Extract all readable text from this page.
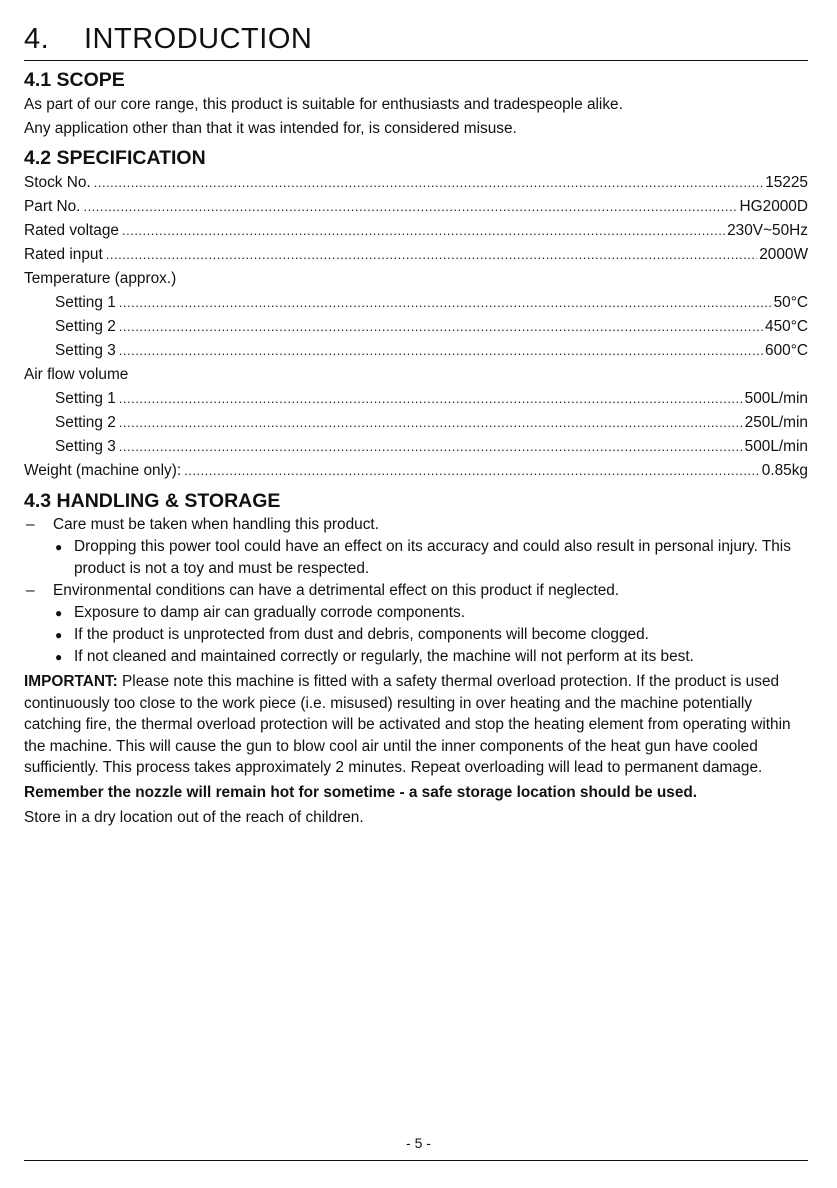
4. INTRODUCTION
4.1 SCOPE

As part of our core range, this product is suitable for enthusiasts and tradespeople alike.

Any application other than that it was intended for, is considered misuse.

4.2 SPECIFICATION
Stock No. .....	15225
Part No. .....	HG2000D
Rated voltage .....	230V~50Hz
Rated input .....	2000W
Temperature (approx.)
Setting 1 .....	50°C
Setting 2 .....	450°C
Setting 3 .....	600°C
Air flow volume
Setting 1 .....	500L/min
Setting 2 .....	250L/min
Setting 3 .....	500L/min
Weight (machine only): .....	0.85kg
4.3 HANDLING & STORAGE
– Care must be taken when handling this product.
● Dropping this power tool could have an effect on its accuracy and could also result in personal injury. This product is not a toy and must be respected.
– Environmental conditions can have a detrimental effect on this product if neglected.
● Exposure to damp air can gradually corrode components.
● If the product is unprotected from dust and debris, components will become clogged.
● If not cleaned and maintained correctly or regularly, the machine will not perform at its best.

IMPORTANT: Please note this machine is fitted with a safety thermal overload protection. If the product is used continuously too close to the work piece (i.e. misused) resulting in over heating and the machine potentially catching fire, the thermal overload protection will be activated and stop the heating element from operating within the machine. This will cause the gun to blow cool air until the inner components of the heat gun have cooled sufficiently. This process takes approximately 2 minutes. Repeat overloading will lead to permanent damage.

Remember the nozzle will remain hot for sometime - a safe storage location should be used.

Store in a dry location out of the reach of children.

- 5 -
